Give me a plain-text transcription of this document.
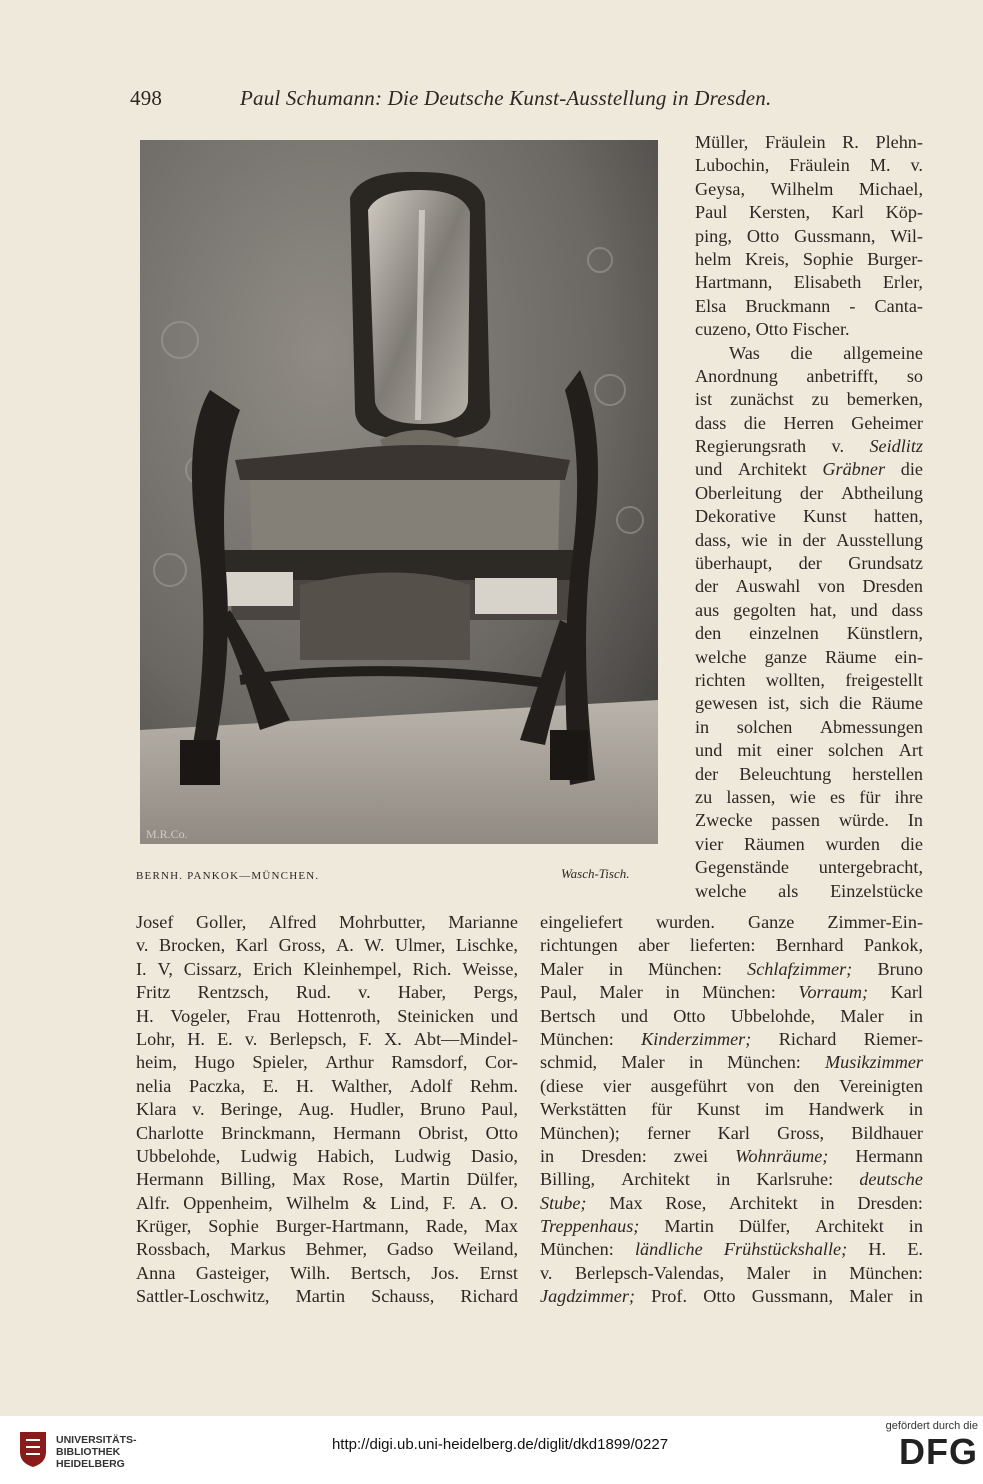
498	Paul Schumann: Die Deutsche Kunst-Ausstellung in Dresden.
M.R.Co.
BERNH. PANKOK—MÜNCHEN.	Wasch-Tisch.
Müller, Fräulein R. Plehn-
Lubochin, Fräulein M. v.
Geysa, Wilhelm Michael,
Paul Kersten, Karl Köp-
ping, Otto Gussmann, Wil-
helm Kreis, Sophie Burger-
Hartmann, Elisabeth Erler,
Elsa Bruckmann - Canta-
cuzeno, Otto Fischer.
Was die allgemeine
Anordnung anbetrifft, so
ist zunächst zu bemerken,
dass die Herren Geheimer
Regierungsrath v. Seidlitz
und Architekt Gräbner die
Oberleitung der Abtheilung
Dekorative Kunst hatten,
dass, wie in der Ausstellung
überhaupt, der Grundsatz
der Auswahl von Dresden
aus gegolten hat, und dass
den einzelnen Künstlern,
welche ganze Räume ein-
richten wollten, freigestellt
gewesen ist, sich die Räume
in solchen Abmessungen
und mit einer solchen Art
der Beleuchtung herstellen
zu lassen, wie es für ihre
Zwecke passen würde. In
vier Räumen wurden die
Gegenstände untergebracht,
welche als Einzelstücke
Josef Goller, Alfred Mohrbutter, Marianne
v. Brocken, Karl Gross, A. W. Ulmer, Lischke,
I. V, Cissarz, Erich Kleinhempel, Rich. Weisse,
Fritz Rentzsch, Rud. v. Haber, Pergs,
H. Vogeler, Frau Hottenroth, Steinicken und
Lohr, H. E. v. Berlepsch, F. X. Abt—Mindel-
heim, Hugo Spieler, Arthur Ramsdorf, Cor-
nelia Paczka, E. H. Walther, Adolf Rehm.
Klara v. Beringe, Aug. Hudler, Bruno Paul,
Charlotte Brinckmann, Hermann Obrist, Otto
Ubbelohde, Ludwig Habich, Ludwig Dasio,
Hermann Billing, Max Rose, Martin Dülfer,
Alfr. Oppenheim, Wilhelm & Lind, F. A. O.
Krüger, Sophie Burger-Hartmann, Rade, Max
Rossbach, Markus Behmer, Gadso Weiland,
Anna Gasteiger, Wilh. Bertsch, Jos. Ernst
Sattler-Loschwitz, Martin Schauss, Richard
eingeliefert wurden. Ganze Zimmer-Ein-
richtungen aber lieferten: Bernhard Pankok,
Maler in München: Schlafzimmer; Bruno
Paul, Maler in München: Vorraum; Karl
Bertsch und Otto Ubbelohde, Maler in
München: Kinderzimmer; Richard Riemer-
schmid, Maler in München: Musikzimmer
(diese vier ausgeführt von den Vereinigten
Werkstätten für Kunst im Handwerk in
München); ferner Karl Gross, Bildhauer
in Dresden: zwei Wohnräume; Hermann
Billing, Architekt in Karlsruhe: deutsche
Stube; Max Rose, Architekt in Dresden:
Treppenhaus; Martin Dülfer, Architekt in
München: ländliche Frühstückshalle; H. E.
v. Berlepsch-Valendas, Maler in München:
Jagdzimmer; Prof. Otto Gussmann, Maler in
UNIVERSITÄTS-
BIBLIOTHEK
HEIDELBERG
http://digi.ub.uni-heidelberg.de/diglit/dkd1899/0227
gefördert durch die
DFG
